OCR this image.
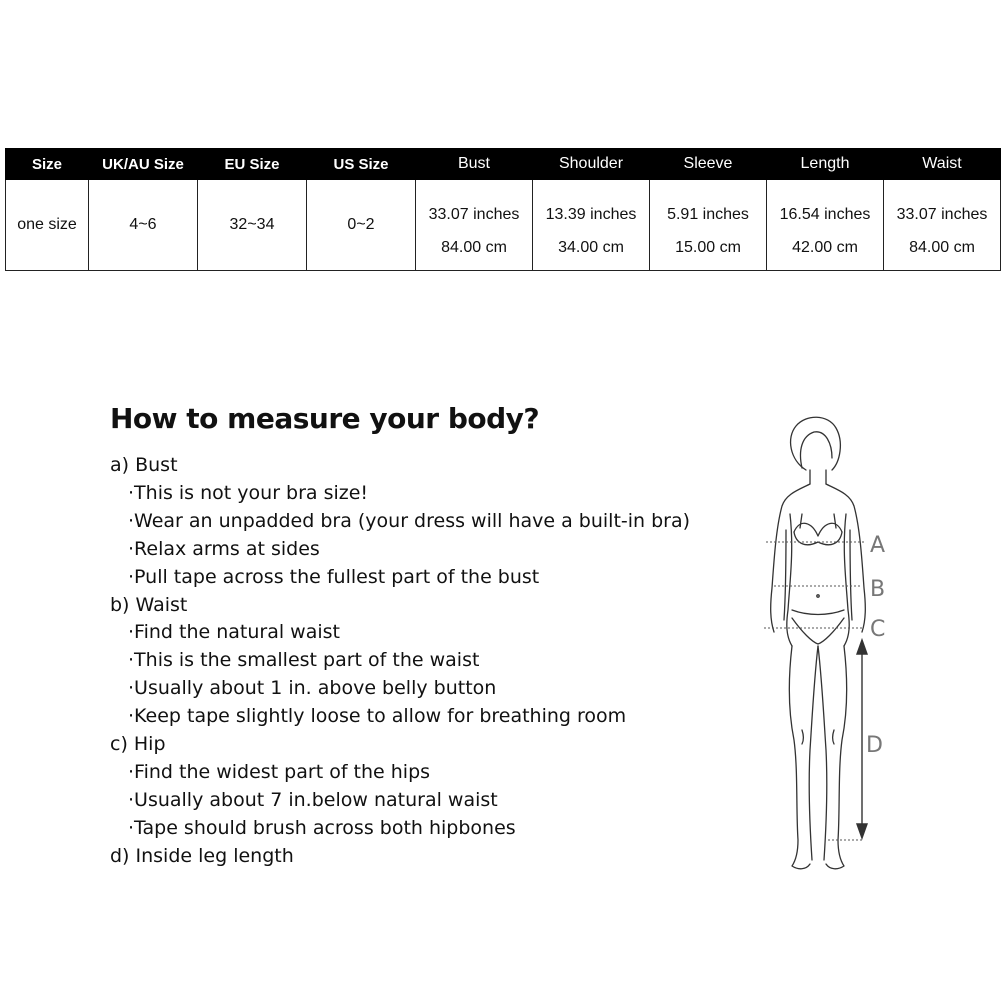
Size	UK/AU Size	EU Size	US Size	Bust	Shoulder	Sleeve	Length	Waist
one size	4~6	32~34	0~2	33.07 inches	13.39 inches	5.91 inches	16.54 inches	33.07 inches
				84.00 cm	34.00 cm	15.00 cm	42.00 cm	84.00 cm
How to measure your body?
a) Bust
·This is not your bra size!
·Wear an unpadded bra (your dress will have a built-in bra)
·Relax arms at sides
·Pull tape across the fullest part of the bust
b) Waist
·Find the natural waist
·This is the smallest part of the waist
·Usually about 1 in. above belly button
·Keep tape slightly loose to allow for breathing room
c) Hip
·Find the widest part of the hips
·Usually about 7 in.below natural waist
·Tape should brush across both hipbones
d) Inside leg length
A
B
C
D
